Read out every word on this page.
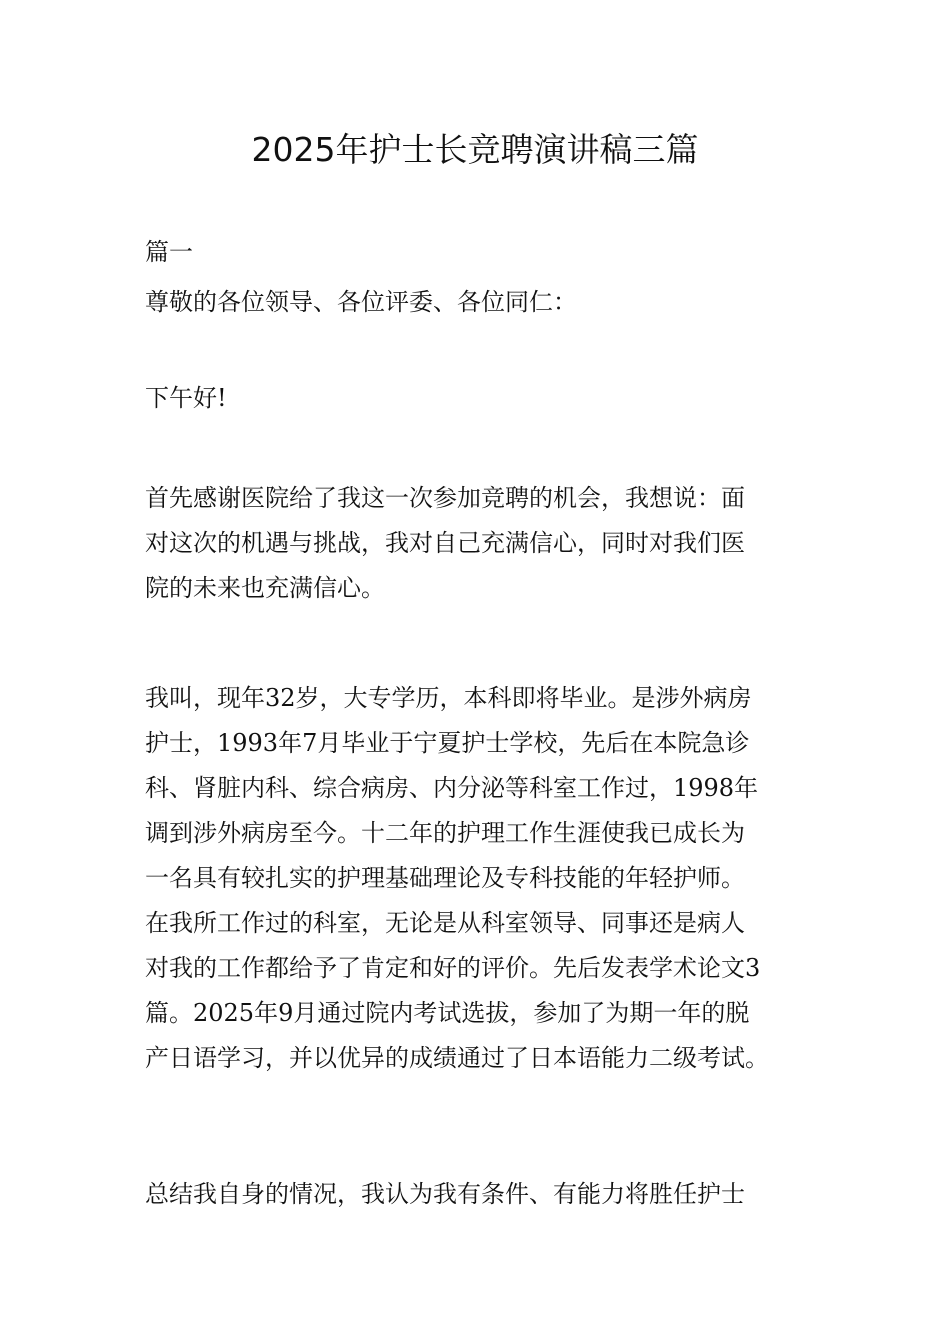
2025年护士长竞聘演讲稿三篇

篇一

尊敬的各位领导、各位评委、各位同仁：

下午好!

首先感谢医院给了我这一次参加竞聘的机会，我想说：面
对这次的机遇与挑战，我对自己充满信心，同时对我们医
院的未来也充满信心。

我叫，现年32岁，大专学历，本科即将毕业。是涉外病房
护士，1993年7月毕业于宁夏护士学校，先后在本院急诊
科、肾脏内科、综合病房、内分泌等科室工作过，1998年
调到涉外病房至今。十二年的护理工作生涯使我已成长为
一名具有较扎实的护理基础理论及专科技能的年轻护师。
在我所工作过的科室，无论是从科室领导、同事还是病人
对我的工作都给予了肯定和好的评价。先后发表学术论文3
篇。2025年9月通过院内考试选拔，参加了为期一年的脱
产日语学习，并以优异的成绩通过了日本语能力二级考试。

总结我自身的情况，我认为我有条件、有能力将胜任护士
